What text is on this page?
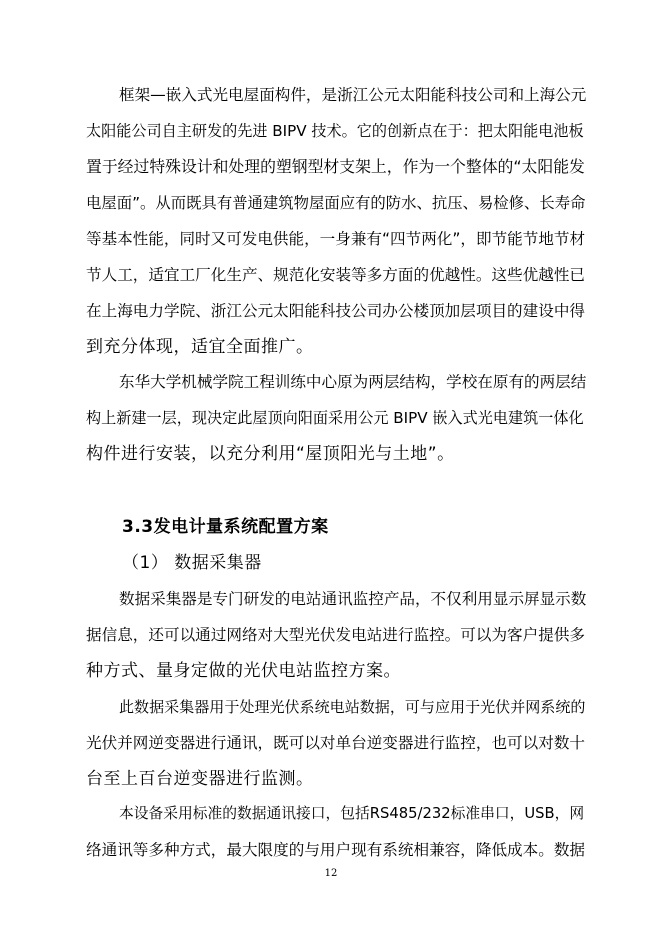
框架—嵌入式光电屋面构件，是浙江公元太阳能科技公司和上海公元
太阳能公司自主研发的先进 BIPV 技术。它的创新点在于：把太阳能电池板
置于经过特殊设计和处理的塑钢型材支架上，作为一个整体的“太阳能发
电屋面”。从而既具有普通建筑物屋面应有的防水、抗压、易检修、长寿命
等基本性能，同时又可发电供能，一身兼有“四节两化”，即节能节地节材
节人工，适宜工厂化生产、规范化安装等多方面的优越性。这些优越性已
在上海电力学院、浙江公元太阳能科技公司办公楼顶加层项目的建设中得
到充分体现，适宜全面推广。
东华大学机械学院工程训练中心原为两层结构，学校在原有的两层结
构上新建一层，现决定此屋顶向阳面采用公元 BIPV 嵌入式光电建筑一体化
构件进行安装，以充分利用“屋顶阳光与土地”。
3.3发电计量系统配置方案
（1） 数据采集器
数据采集器是专门研发的电站通讯监控产品，不仅利用显示屏显示数
据信息，还可以通过网络对大型光伏发电站进行监控。可以为客户提供多
种方式、量身定做的光伏电站监控方案。
此数据采集器用于处理光伏系统电站数据，可与应用于光伏并网系统的
光伏并网逆变器进行通讯，既可以对单台逆变器进行监控，也可以对数十
台至上百台逆变器进行监测。
本设备采用标准的数据通讯接口，包括RS485/232标准串口，USB，网
络通讯等多种方式，最大限度的与用户现有系统相兼容，降低成本。数据
12
